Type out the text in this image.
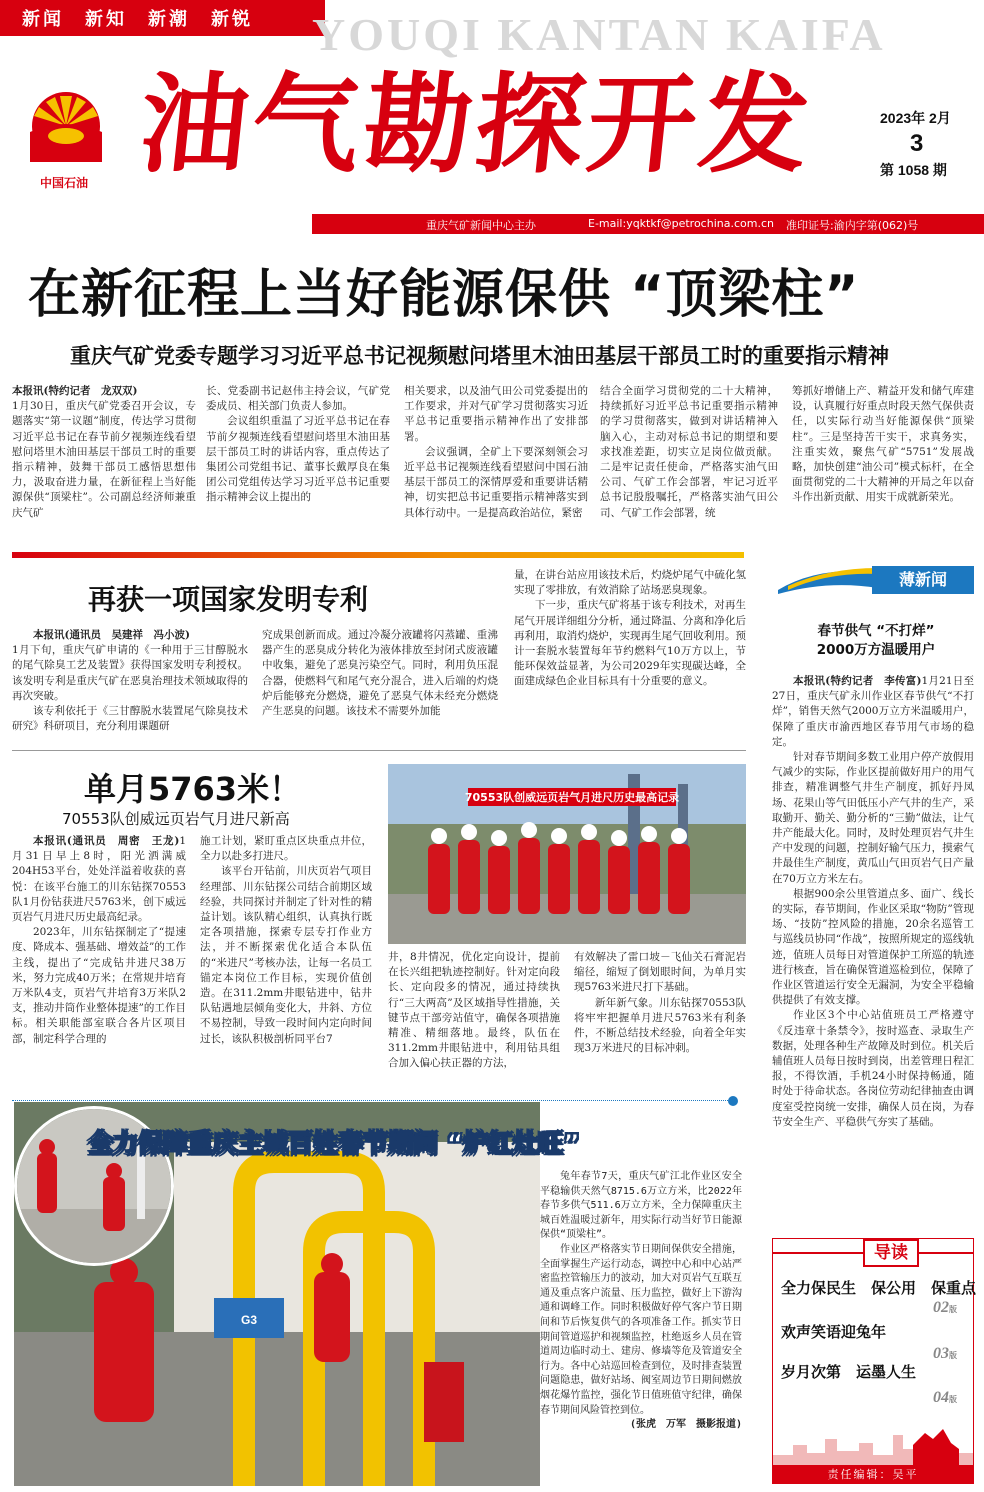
新闻　新知　新潮　新锐 YOUQI KANTAN KAIFA
中国石油 油气勘探开发	2023年 2月
3
第 1058 期
重庆气矿新闻中心主办	E-mail:yqktkf@petrochina.com.cn 准印证号:渝内字第(062)号
在新征程上当好能源保供 “顶梁柱”
重庆气矿党委专题学习习近平总书记视频慰问塔里木油田基层干部员工时的重要指示精神

本报讯(特约记者　龙双双)

1月30日，重庆气矿党委召开会议，专题落实“第一议题”制度，传达学习贯彻习近平总书记在春节前夕视频连线看望慰问塔里木油田基层干部员工时的重要指示精神，鼓舞干部员工感悟思想伟力，汲取奋进力量，在新征程上当好能源保供“顶梁柱”。公司副总经济师兼重庆气矿

长、党委副书记赵伟主持会议，气矿党委成员、相关部门负责人参加。

会议组织重温了习近平总书记在春节前夕视频连线看望慰问塔里木油田基层干部员工时的讲话内容，重点传达了集团公司党组书记、董事长戴厚良在集团公司党组传达学习习近平总书记重要指示精神会议上提出的

相关要求，以及油气田公司党委提出的工作要求，并对气矿学习贯彻落实习近平总书记重要指示精神作出了安排部署。

会议强调，全矿上下要深刻领会习近平总书记视频连线看望慰问中国石油基层干部员工的深情厚爱和重要讲话精神，切实把总书记重要指示精神落实到具体行动中。一是提高政治站位，紧密

结合全面学习贯彻党的二十大精神，持续抓好习近平总书记重要指示精神的学习贯彻落实，做到对讲话精神入脑入心，主动对标总书记的期望和要求找准差距，切实立足岗位做贡献。二是牢记责任使命，严格落实油气田公司、气矿工作会部署，牢记习近平总书记殷殷嘱托，严格落实油气田公司、气矿工作会部署，统

筹抓好增储上产、精益开发和储气库建设，认真履行好重点时段天然气保供责任，以实际行动当好能源保供“顶梁柱”。三是坚持苦干实干，求真务实，注重实效，聚焦气矿“5751”发展战略，加快创建“油公司”模式标杆，在全面贯彻党的二十大精神的开局之年以奋斗作出新贡献、用实干成就新荣光。

再获一项国家发明专利

本报讯(通讯员　吴建祥　冯小波)

1月下旬，重庆气矿申请的《一种用于三甘醇脱水的尾气除臭工艺及装置》获得国家发明专利授权。该发明专利是重庆气矿在恶臭治理技术领域取得的再次突破。

该专利依托于《三甘醇脱水装置尾气除臭技术研究》科研项目，充分利用课题研

究成果创新而成。通过冷凝分液罐将闪蒸罐、重沸器产生的恶臭成分转化为液体排放至封闭式废液罐中收集，避免了恶臭污染空气。同时，利用负压混合器，使燃料气和尾气充分混合，进入后端的灼烧炉后能够充分燃烧，避免了恶臭气体未经充分燃烧产生恶臭的问题。该技术不需要外加能

量，在讲台站应用该技术后，灼烧炉尾气中硫化氢实现了零排放，有效消除了站场恶臭现象。

下一步，重庆气矿将基于该专利技术，对再生尾气开展详细组分分析，通过降温、分离和净化后再利用，取消灼烧炉，实现再生尾气回收利用。预计一套脱水装置每年节约燃料气10万方以上，节能环保效益显著，为公司2029年实现碳达峰，全面建成绿色企业目标具有十分重要的意义。

薄新闻
春节供气 “不打烊”
2000万方温暖用户

本报讯(特约记者　李传富)1月21日至27日，重庆气矿永川作业区春节供气“不打烊”，销售天然气2000万立方米温暖用户，保障了重庆市渝西地区春节用气市场的稳定。

针对春节期间多数工业用户停产放假用气减少的实际，作业区提前做好用户的用气排查，精准调整气井生产制度，抓好丹凤场、花果山等气田低压小产气井的生产，采取勤开、勤关、勤分析的“三勤”做法，让气井产能最大化。同时，及时处理页岩气井生产中发现的问题，控制好输气压力，摸索气井最佳生产制度，黄瓜山气田页岩气日产量在70万立方米左右。

根据900余公里管道点多、面广、线长的实际，春节期间，作业区采取“物防”管现场、“技防”控风险的措施，20余名巡管工与巡线员协同“作战”，按照所规定的巡线轨迹，值班人员每日对管道保护工所巡的轨迹进行核查，旨在确保管道巡检到位，保障了作业区管道运行安全无漏洞，为安全平稳输供提供了有效支撑。

作业区3个中心站值班员工严格遵守《反违章十条禁令》，按时巡查、录取生产数据，处理各种生产故障及时到位。机关后辅值班人员每日按时到岗，出差管理日程汇报，不得饮酒，手机24小时保持畅通，随时处于待命状态。各岗位劳动纪律抽查由调度室受控岗统一安排，确保人员在岗，为春节安全生产、平稳供气夯实了基础。

单月5763米！
70553队创威远页岩气月进尺新高

本报讯(通讯员　周密　王龙)1月31日早上8时，阳光洒满威204H53平台，处处洋溢着收获的喜悦：在该平台施工的川东钻探70553队1月份钻获进尺5763米，创下威远页岩气月进尺历史最高纪录。

2023年，川东钻探制定了“提速度、降成本、强基础、增效益”的工作主线，提出了“完成钻井进尺38万米，努力完成40万米；在常规井培育万米队4支，页岩气井培育3万米队2支，推动井筒作业整体提速”的工作目标。相关职能部室联合各片区项目部，制定科学合理的

施工计划，紧盯重点区块重点井位，全力以赴多打进尺。

该平台开钻前，川庆页岩气项目经理部、川东钻探公司结合前期区域经验，共同探讨并制定了针对性的精益计划。该队精心组织，认真执行既定各项措施，探索专层专打作业方法，并不断探索优化适合本队伍的“米进尺”考核办法，让每一名员工锚定本岗位工作目标，实现价值创造。在311.2mm井眼钻进中，钻井队钻遇地层倾角变化大，井斜、方位不易控制，导致一段时间内定向时间过长，该队积极剖析同平台7

70553队创威远页岩气月进尺历史最高记录

井，8井情况，优化定向设计，提前在长兴组把轨迹控制好。针对定向段长、定向段多的情况，通过持续执行“三大两高”及区域指导性措施，关键节点干部旁站值守，确保各项措施精准、精细落地。最终，队伍在311.2mm井眼钻进中，利用钻具组合加入偏心扶正器的方法，

有效解决了雷口坡－飞仙关石膏泥岩缩径，缩短了倒划眼时间，为单月实现5763米进尺打下基础。

新年新气象。川东钻探70553队将牢牢把握单月进尺5763米有利条件，不断总结技术经验，向着全年实现3万米进尺的目标冲刺。

G3
全力保障重庆主城百姓春节期间 “炉红灶旺”

兔年春节7天，重庆气矿江北作业区安全平稳输供天然气8715.6万立方米，比2022年春节多供气511.6万立方米，全力保障重庆主城百姓温暖过新年，用实际行动当好节日能源保供“顶梁柱”。

作业区严格落实节日期间保供安全措施，全面掌握生产运行动态，调控中心和中心站严密监控管输压力的波动，加大对页岩气互联互通及重点客户流量、压力监控，做好上下游沟通和调峰工作。同时积极做好停气客户节日期间和节后恢复供气的各项准备工作。抓实节日期间管道巡护和视频监控，杜绝返乡人员在管道周边临时动土、建房、修墙等危及管道安全行为。各中心站巡回检查到位，及时排查装置问题隐患，做好站场、阀室周边节日期间燃放烟花爆竹监控，强化节日值班值守纪律，确保春节期间风险管控到位。

(张虎　万军　摄影报道)

导读
全力保民生　保公用　保重点
02版
欢声笑语迎兔年
03版
岁月次第　运墨人生
04版
责任编辑：吴平
